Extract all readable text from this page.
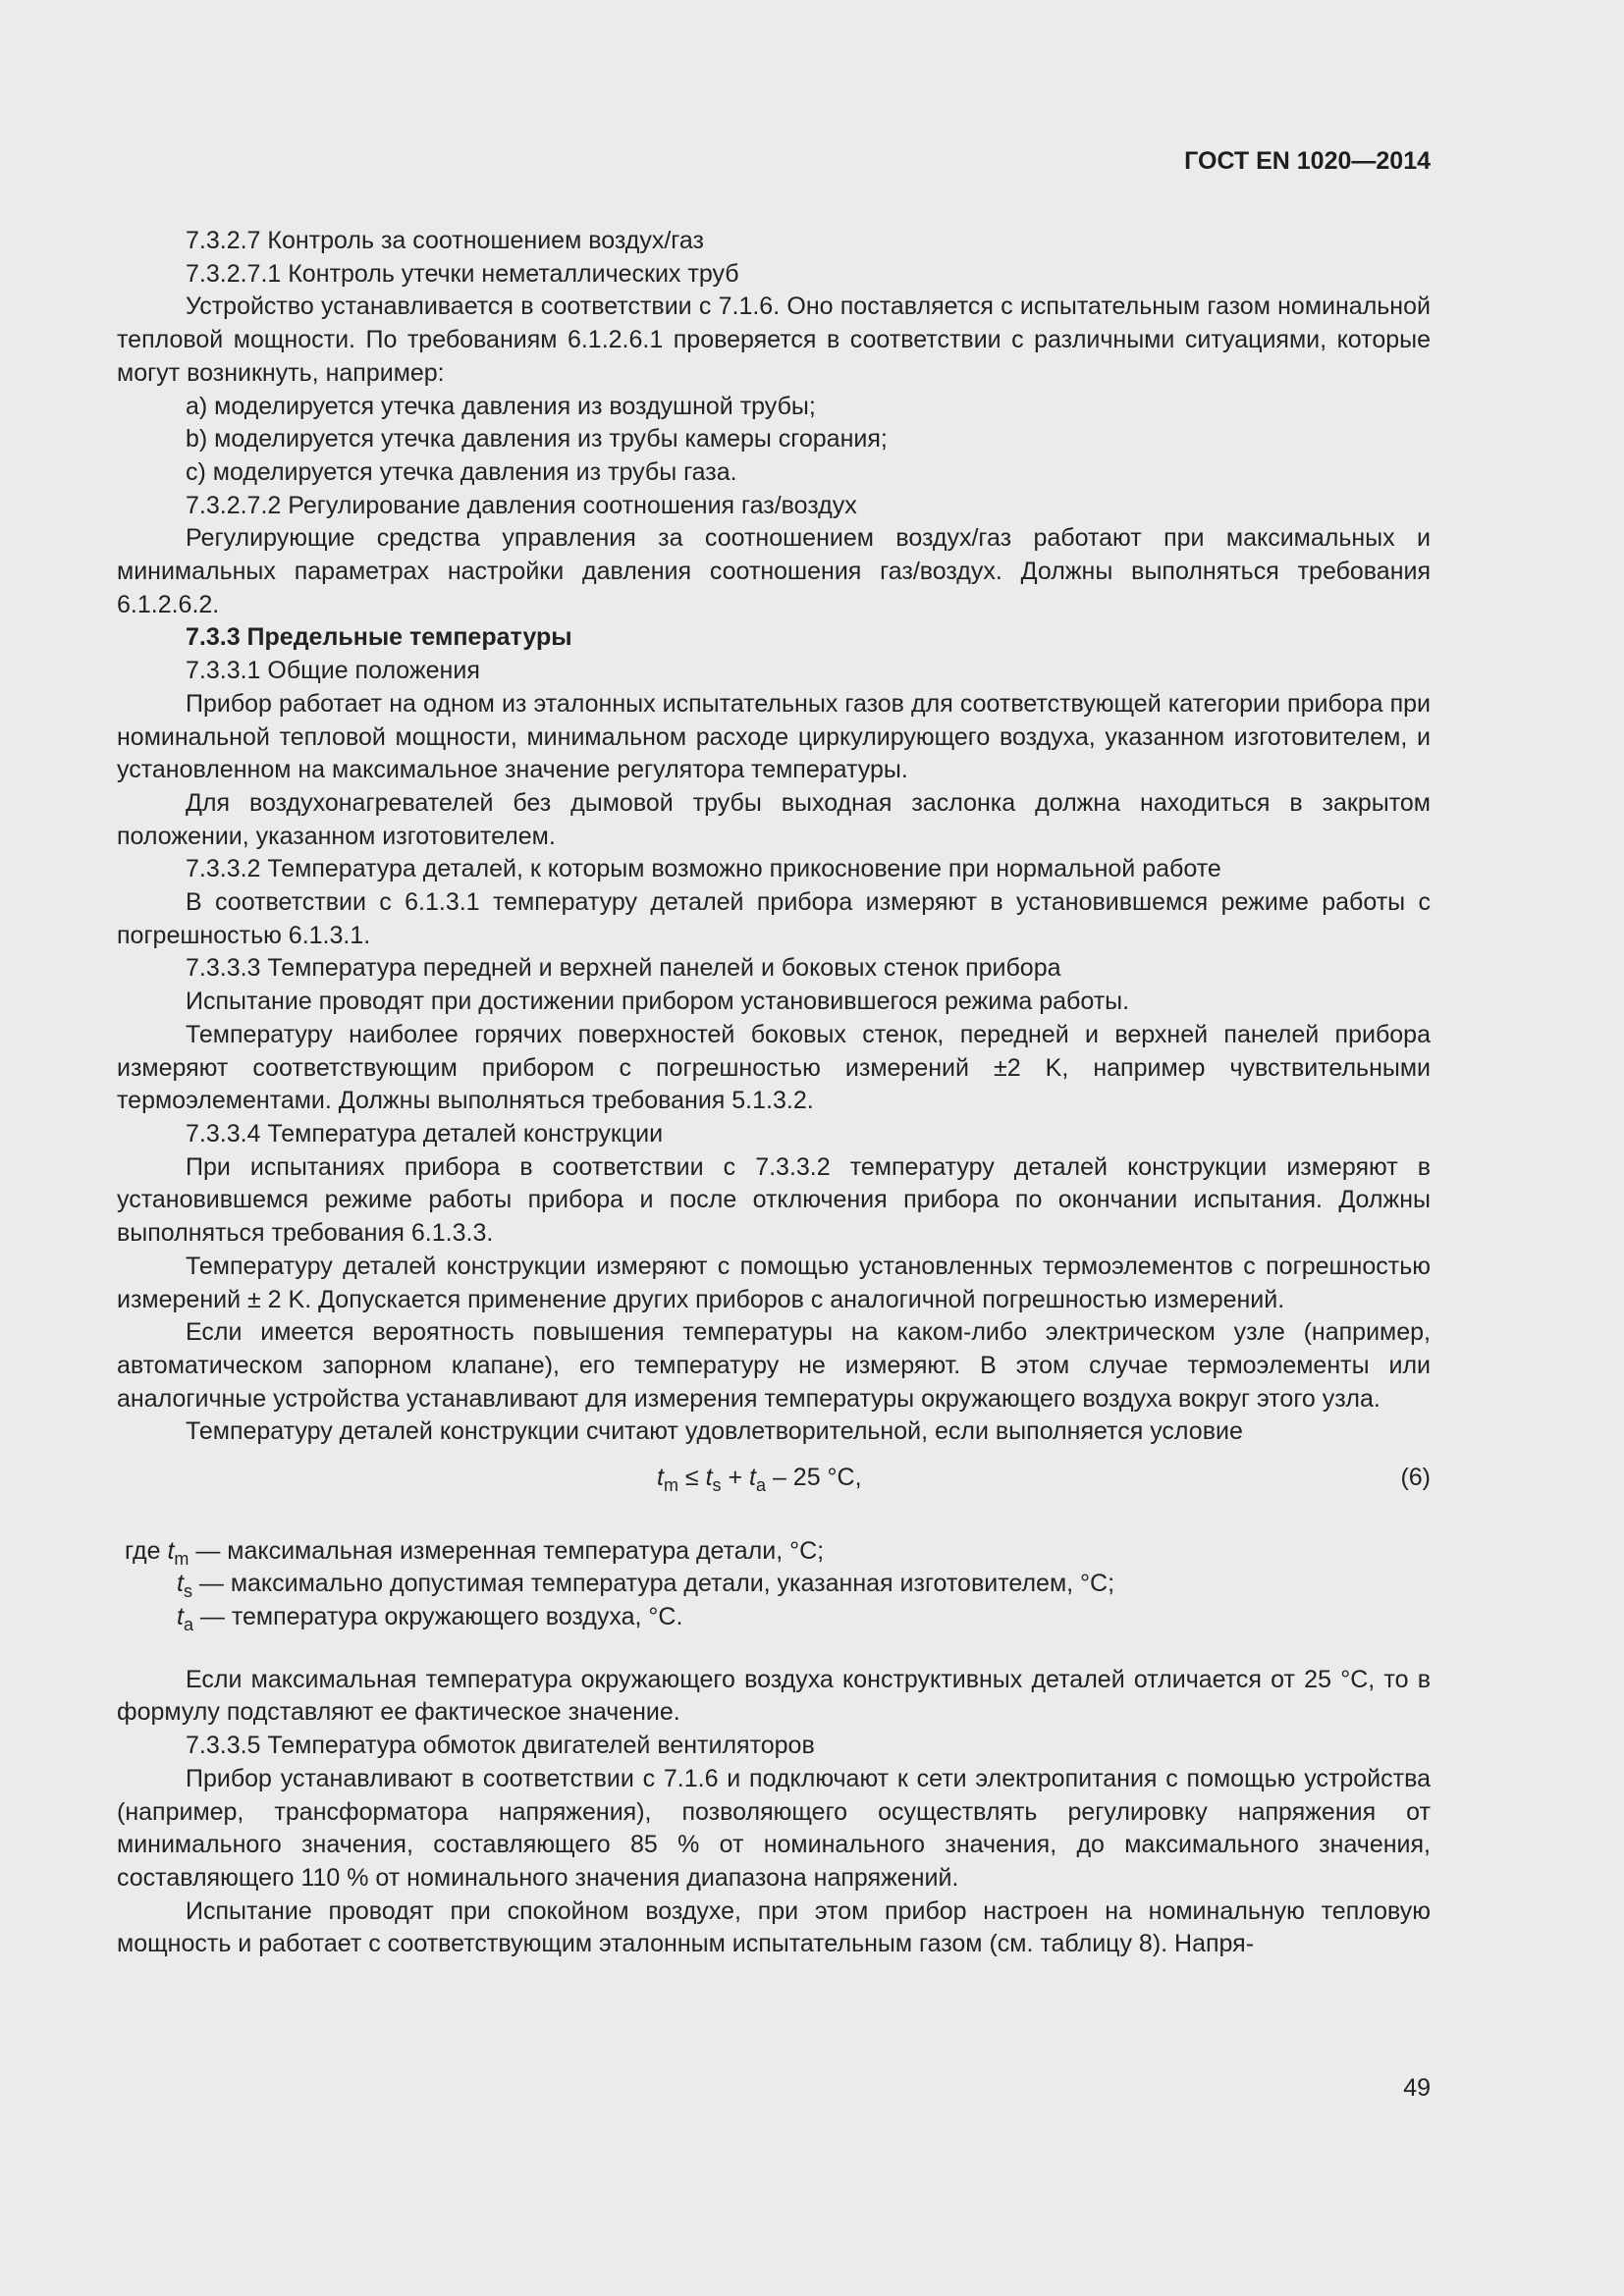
ГОСТ EN 1020—2014

7.3.2.7 Контроль за соотношением воздух/газ

7.3.2.7.1 Контроль утечки неметаллических труб

Устройство устанавливается в соответствии с 7.1.6. Оно поставляется с испытательным газом номинальной тепловой мощности. По требованиям 6.1.2.6.1 проверяется в соответствии с различными ситуациями, которые могут возникнуть, например:

a) моделируется утечка давления из воздушной трубы;

b) моделируется утечка давления из трубы камеры сгорания;

c) моделируется утечка давления из трубы газа.

7.3.2.7.2 Регулирование давления соотношения газ/воздух

Регулирующие средства управления за соотношением воздух/газ работают при максимальных и минимальных параметрах настройки давления соотношения газ/воздух. Должны выполняться требования 6.1.2.6.2.

7.3.3 Предельные температуры

7.3.3.1 Общие положения

Прибор работает на одном из эталонных испытательных газов для соответствующей категории прибора при номинальной тепловой мощности, минимальном расходе циркулирующего воздуха, указанном изготовителем, и установленном на максимальное значение регулятора температуры.

Для воздухонагревателей без дымовой трубы выходная заслонка должна находиться в закрытом положении, указанном изготовителем.

7.3.3.2 Температура деталей, к которым возможно прикосновение при нормальной работе

В соответствии с 6.1.3.1 температуру деталей прибора измеряют в установившемся режиме работы с погрешностью 6.1.3.1.

7.3.3.3 Температура передней и верхней панелей и боковых стенок прибора

Испытание проводят при достижении прибором установившегося режима работы.

Температуру наиболее горячих поверхностей боковых стенок, передней и верхней панелей прибора измеряют соответствующим прибором с погрешностью измерений ±2 K, например чувствительными термоэлементами. Должны выполняться требования 5.1.3.2.

7.3.3.4 Температура деталей конструкции

При испытаниях прибора в соответствии с 7.3.3.2 температуру деталей конструкции измеряют в установившемся режиме работы прибора и после отключения прибора по окончании испытания. Должны выполняться требования 6.1.3.3.

Температуру деталей конструкции измеряют с помощью установленных термоэлементов с погрешностью измерений ± 2 K. Допускается применение других приборов с аналогичной погрешностью измерений.

Если имеется вероятность повышения температуры на каком-либо электрическом узле (например, автоматическом запорном клапане), его температуру не измеряют. В этом случае термоэлементы или аналогичные устройства устанавливают для измерения температуры окружающего воздуха вокруг этого узла.

Температуру деталей конструкции считают удовлетворительной, если выполняется условие

$t_m \le t_s + t_a - 25$ °C,	(6)
где $t_m$ — максимальная измеренная температура детали, °C;
$t_s$ — максимально допустимая температура детали, указанная изготовителем, °C;
$t_a$ — температура окружающего воздуха, °C.

Если максимальная температура окружающего воздуха конструктивных деталей отличается от 25 °C, то в формулу подставляют ее фактическое значение.

7.3.3.5 Температура обмоток двигателей вентиляторов

Прибор устанавливают в соответствии с 7.1.6 и подключают к сети электропитания с помощью устройства (например, трансформатора напряжения), позволяющего осуществлять регулировку напряжения от минимального значения, составляющего 85 % от номинального значения, до максимального значения, составляющего 110 % от номинального значения диапазона напряжений.

Испытание проводят при спокойном воздухе, при этом прибор настроен на номинальную тепловую мощность и работает с соответствующим эталонным испытательным газом (см. таблицу 8). Напря-

49
